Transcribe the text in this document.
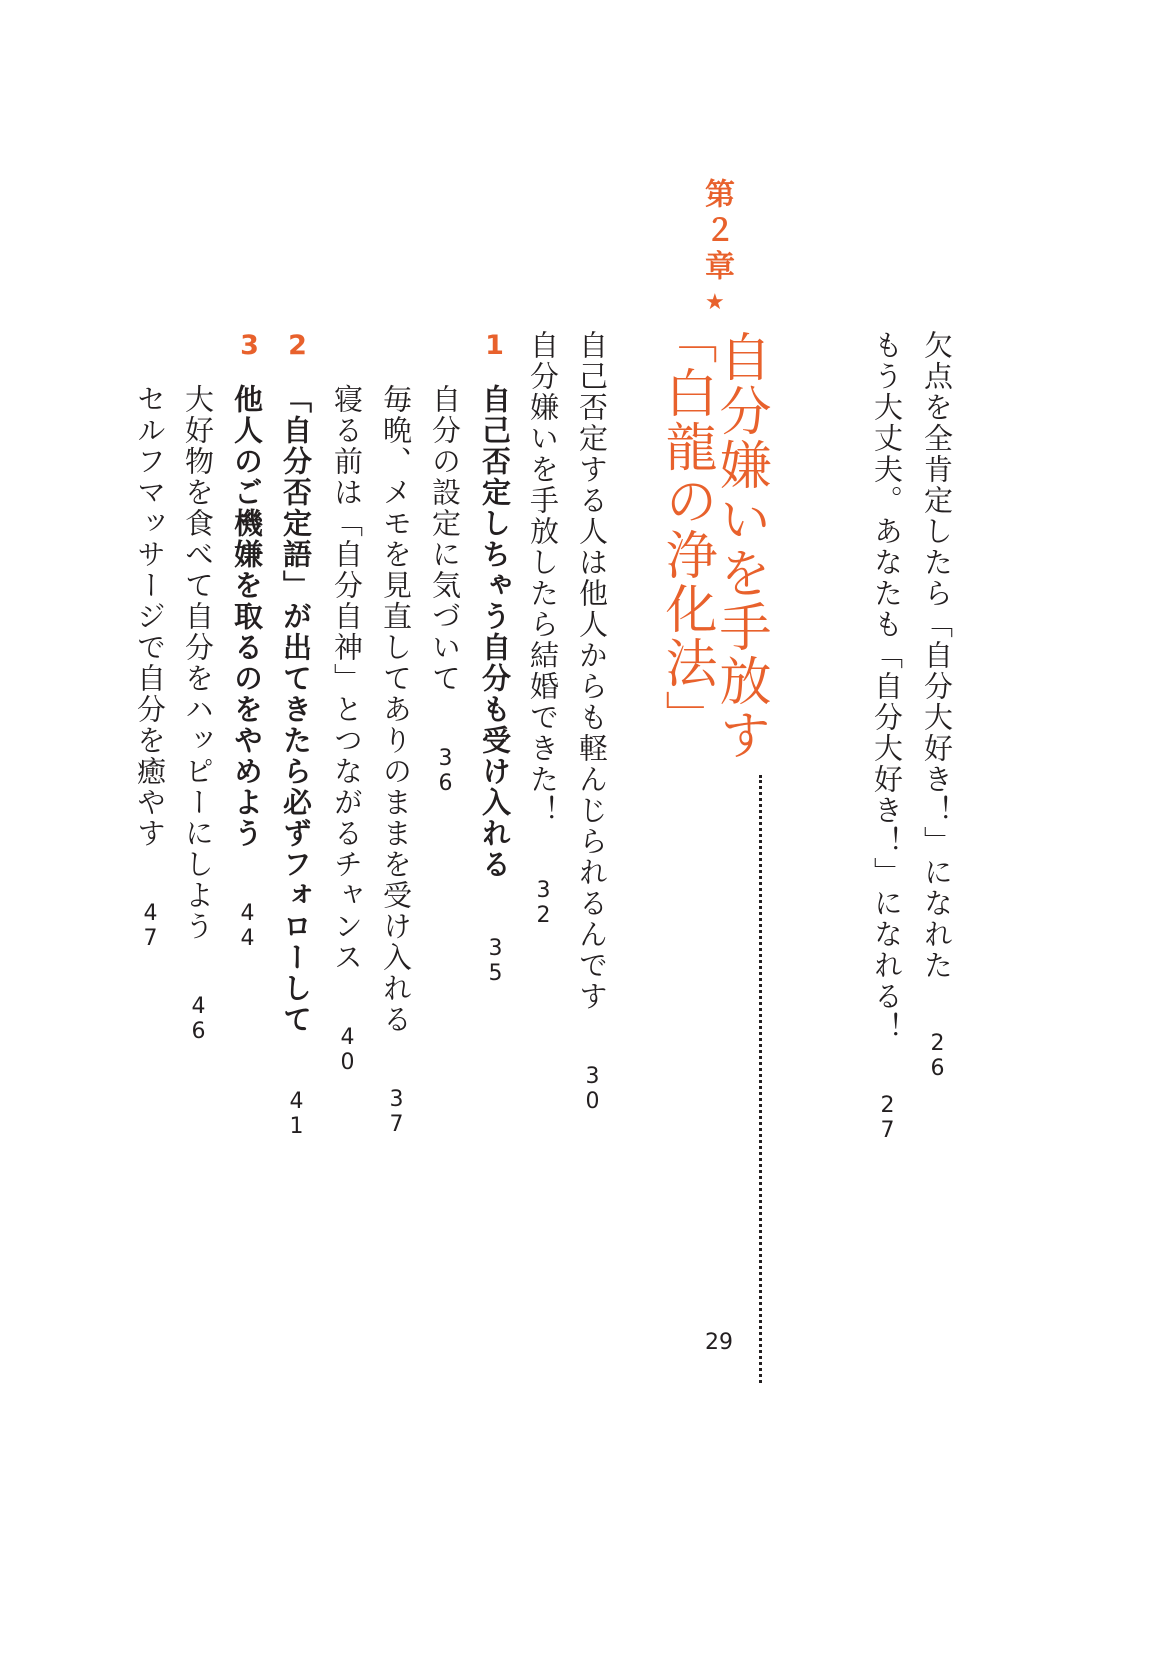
欠点を全肯定したら「自分大好き！」になれた 26
もう大丈夫。あなたも「自分大好き！」になれる！ 27
第２章
★
自分嫌いを手放す
「白龍の浄化法」
29
自己否定する人は他人からも軽んじられるんです 30
自分嫌いを手放したら結婚できた！ 32
1
自己否定しちゃう自分も受け入れる 35
自分の設定に気づいて 36
毎晩、メモを見直してありのままを受け入れる 37
寝る前は「自分自神」とつながるチャンス 40
2
「自分否定語」が出てきたら必ずフォローして 41
3
他人のご機嫌を取るのをやめよう 44
大好物を食べて自分をハッピーにしよう 46
セルフマッサージで自分を癒やす 47
